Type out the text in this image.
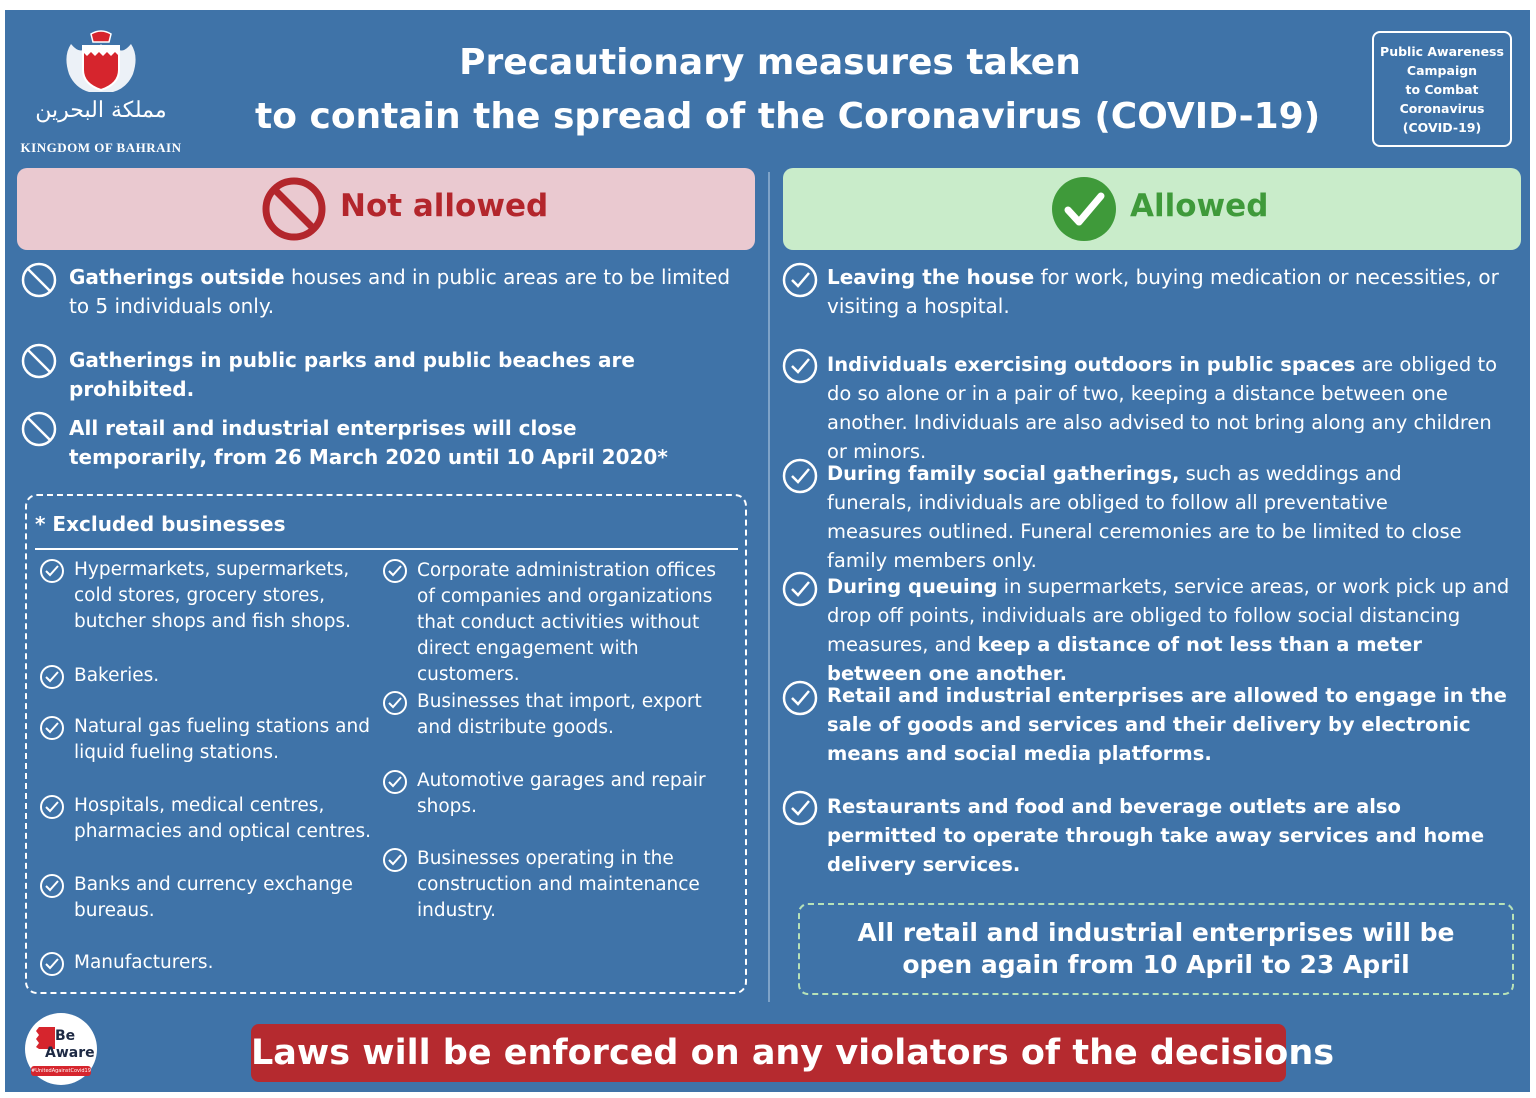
مملكة البحرين
KINGDOM OF BAHRAIN
Precautionary measures taken
to contain the spread of the Coronavirus (COVID-19)
Public Awareness
Campaign
to Combat
Coronavirus
(COVID-19)
Not allowed	Allowed
Gatherings outside houses and in public areas are to be limited to 5 individuals only.
Gatherings in public parks and public beaches are prohibited.
All retail and industrial enterprises will close temporarily, from 26 March 2020 until 10 April 2020*
* Excluded businesses
Hypermarkets, supermarkets, cold stores, grocery stores, butcher shops and fish shops.
Bakeries.
Natural gas fueling stations and liquid fueling stations.
Hospitals, medical centres, pharmacies and optical centres.
Banks and currency exchange bureaus.
Manufacturers.
Corporate administration offices of companies and organizations that conduct activities without direct engagement with customers.
Businesses that import, export and distribute goods.
Automotive garages and repair shops.
Businesses operating in the construction and maintenance industry.
Leaving the house for work, buying medication or necessities, or visiting a hospital.
Individuals exercising outdoors in public spaces are obliged to do so alone or in a pair of two, keeping a distance between one another. Individuals are also advised to not bring along any children or minors.
During family social gatherings, such as weddings and funerals, individuals are obliged to follow all preventative measures outlined. Funeral ceremonies are to be limited to close family members only.
During queuing in supermarkets, service areas, or work pick up and drop off points, individuals are obliged to follow social distancing measures, and keep a distance of not less than a meter between one another.
Retail and industrial enterprises are allowed to engage in the sale of goods and services and their delivery by electronic means and social media platforms.
Restaurants and food and beverage outlets are also permitted to operate through take away services and home delivery services.
All retail and industrial enterprises will be
open again from 10 April to 23 April
Be
Aware
#UnitedAgainstCovid19	Laws will be enforced on any violators of the decisions
